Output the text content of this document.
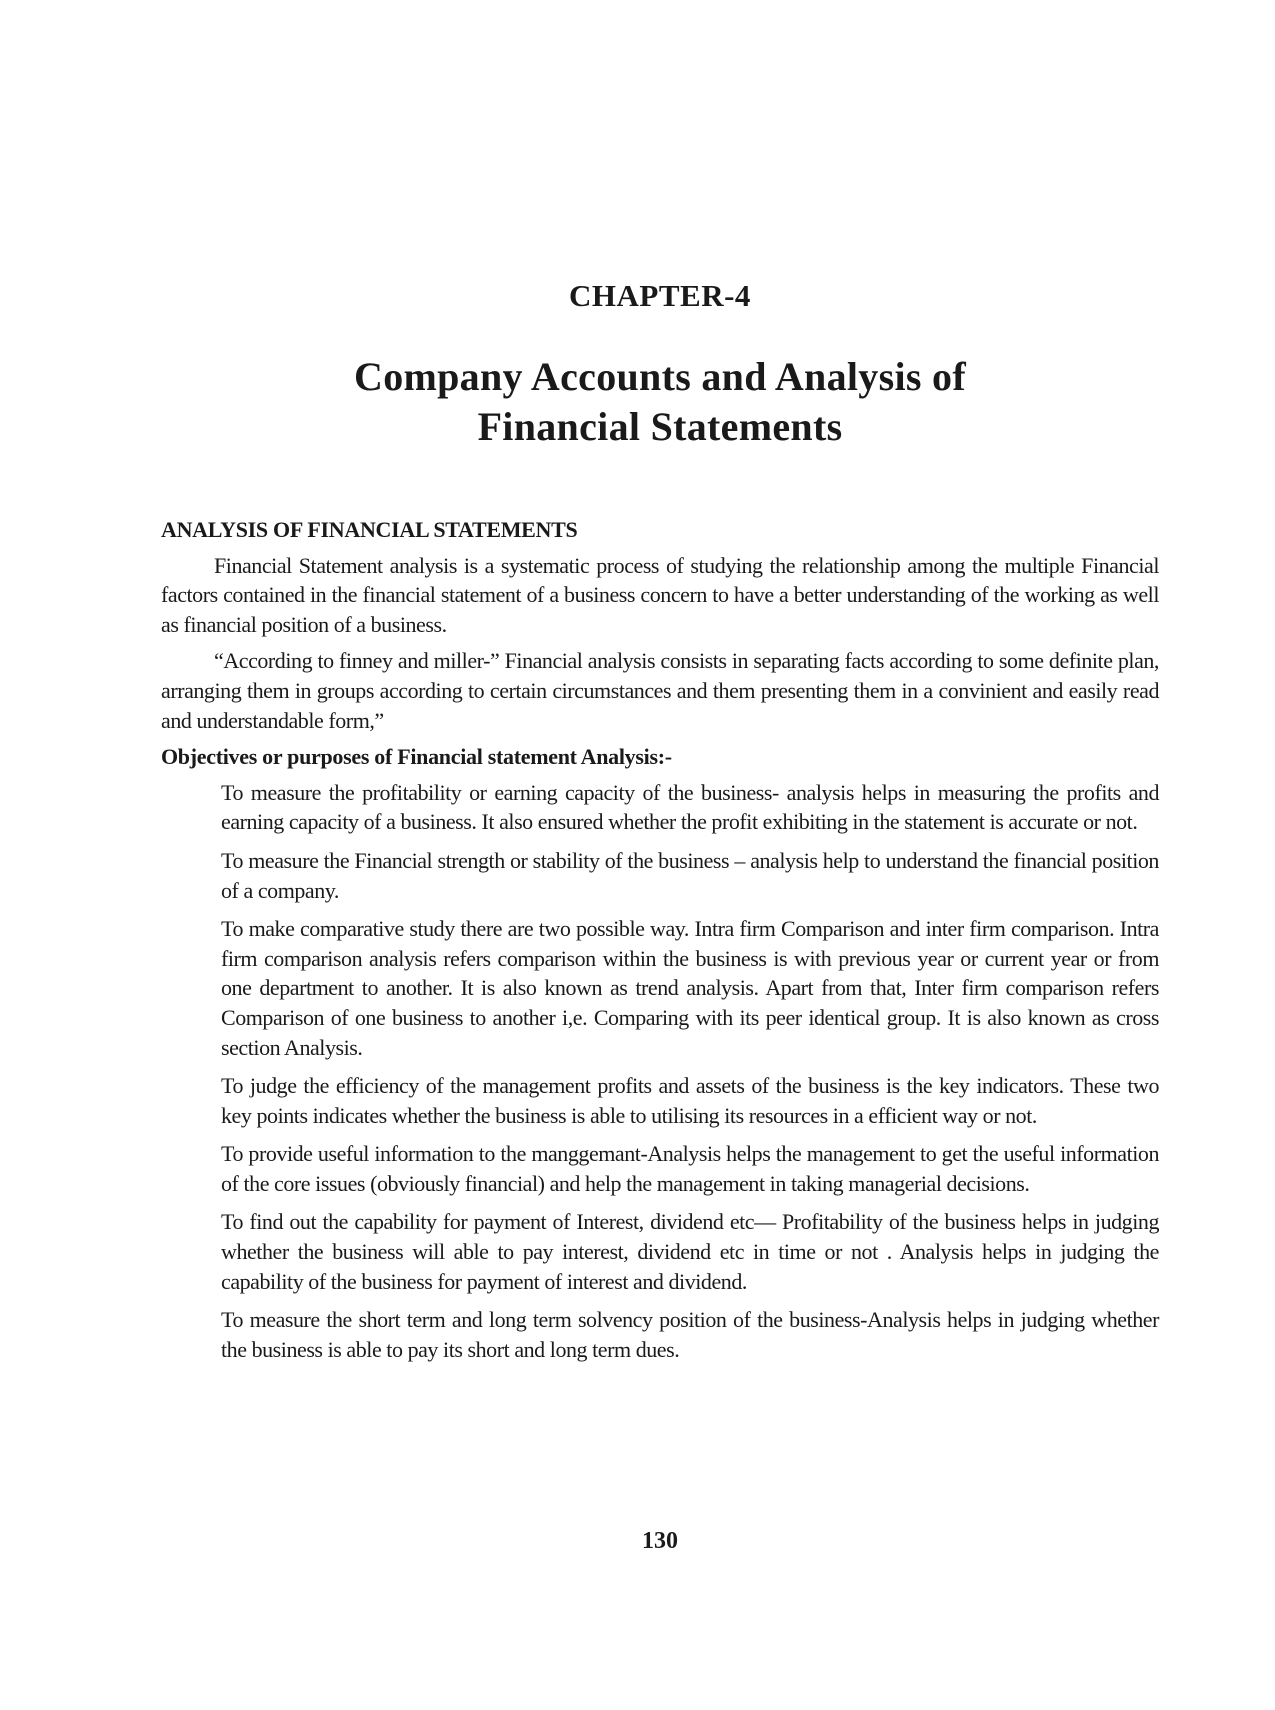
CHAPTER-4
Company Accounts and Analysis of
Financial Statements
ANALYSIS OF FINANCIAL STATEMENTS

Financial Statement analysis is a systematic process of studying the relationship among the multiple Financial factors contained in the financial statement of a business concern to have a better understanding of the working as well as financial position of a business.

“According to finney and miller-” Financial analysis consists in separating facts according to some definite plan, arranging them in groups according to certain circumstances and them presenting them in a convinient and easily read and understandable form,”

Objectives or purposes of Financial statement Analysis:-
To measure the profitability or earning capacity of the business- analysis helps in measuring the profits and earning capacity of a business. It also ensured whether the profit exhibiting in the statement is accurate or not.
To measure the Financial strength or stability of the business – analysis help to understand the financial position of a company.
To make comparative study there are two possible way. Intra firm Comparison and inter firm comparison. Intra firm comparison analysis refers comparison within the business is with previous year or current year or from one department to another. It is also known as trend analysis. Apart from that, Inter firm comparison refers Comparison of one business to another i,e. Comparing with its peer identical group. It is also known as cross section Analysis.
To judge the efficiency of the management profits and assets of the business is the key indicators. These two key points indicates whether the business is able to utilising its resources in a efficient way or not.
To provide useful information to the manggemant-Analysis helps the management to get the useful information of the core issues (obviously financial) and help the management in taking managerial decisions.
To find out the capability for payment of Interest, dividend etc— Profitability of the business helps in judging whether the business will able to pay interest, dividend etc in time or not . Analysis helps in judging the capability of the business for payment of interest and dividend.
To measure the short term and long term solvency position of the business-Analysis helps in judging whether the business is able to pay its short and long term dues.
130
